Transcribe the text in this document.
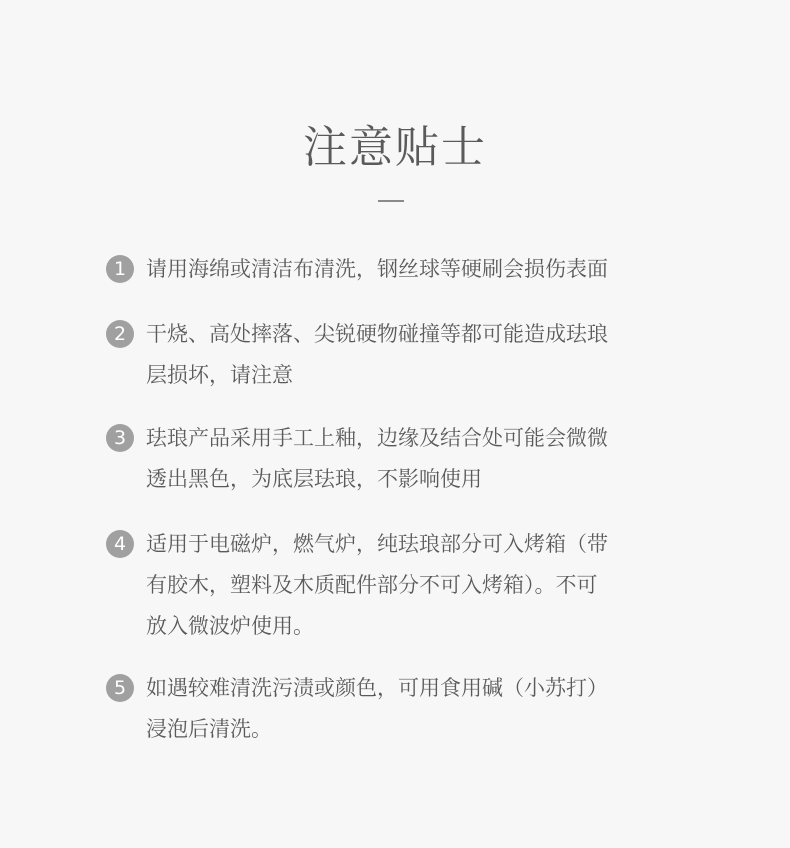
注意贴士
1 请用海绵或清洁布清洗，钢丝球等硬刷会损伤表面
2 干烧、高处摔落、尖锐硬物碰撞等都可能造成珐琅
层损坏，请注意
3 珐琅产品采用手工上釉，边缘及结合处可能会微微
透出黑色，为底层珐琅，不影响使用
4 适用于电磁炉，燃气炉，纯珐琅部分可入烤箱（带
有胶木，塑料及木质配件部分不可入烤箱）。不可
放入微波炉使用。
5 如遇较难清洗污渍或颜色，可用食用碱（小苏打）
浸泡后清洗。
